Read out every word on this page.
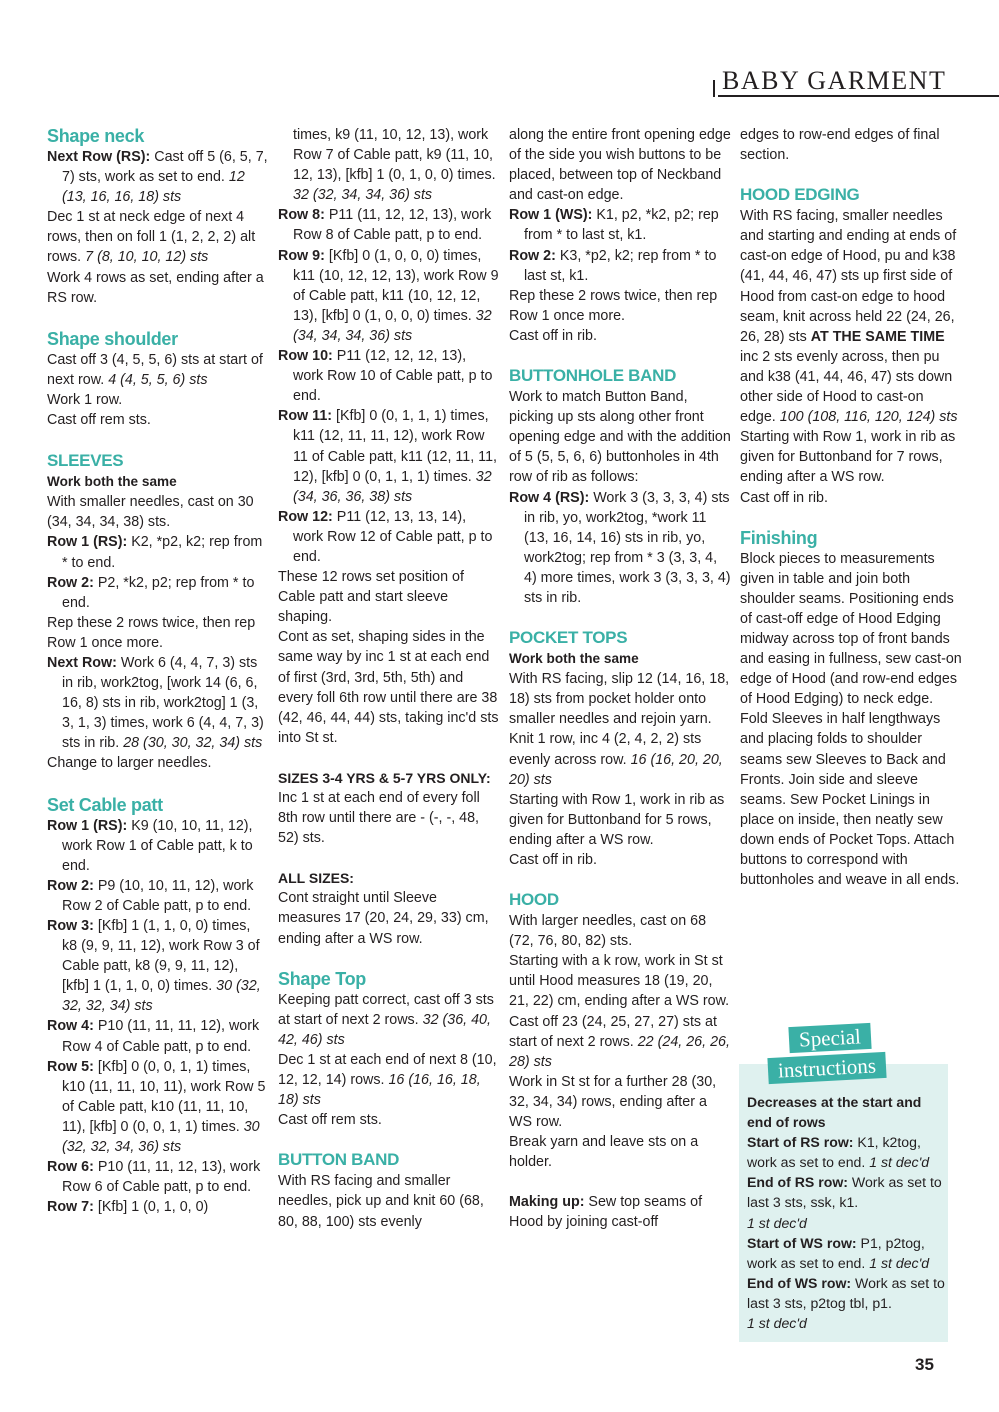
BABY GARMENT

Shape neck

Next Row (RS): Cast off 5 (6, 5, 7, 7) sts, work as set to end. 12 (13, 16, 16, 18) sts

Dec 1 st at neck edge of next 4 rows, then on foll 1 (1, 2, 2, 2) alt rows. 7 (8, 10, 10, 12) sts

Work 4 rows as set, ending after a RS row.

Shape shoulder

Cast off 3 (4, 5, 5, 6) sts at start of next row. 4 (4, 5, 5, 6) sts

Work 1 row.

Cast off rem sts.

SLEEVES

Work both the same

With smaller needles, cast on 30 (34, 34, 34, 38) sts.

Row 1 (RS): K2, *p2, k2; rep from * to end.

Row 2: P2, *k2, p2; rep from * to end.

Rep these 2 rows twice, then rep Row 1 once more.

Next Row: Work 6 (4, 4, 7, 3) sts in rib, work2tog, [work 14 (6, 6, 16, 8) sts in rib, work2tog] 1 (3, 3, 1, 3) times, work 6 (4, 4, 7, 3) sts in rib. 28 (30, 30, 32, 34) sts

Change to larger needles.

Set Cable patt

Row 1 (RS): K9 (10, 10, 11, 12), work Row 1 of Cable patt, k to end.

Row 2: P9 (10, 10, 11, 12), work Row 2 of Cable patt, p to end.

Row 3: [Kfb] 1 (1, 1, 0, 0) times, k8 (9, 9, 11, 12), work Row 3 of Cable patt, k8 (9, 9, 11, 12), [kfb] 1 (1, 1, 0, 0) times. 30 (32, 32, 32, 34) sts

Row 4: P10 (11, 11, 11, 12), work Row 4 of Cable patt, p to end.

Row 5: [Kfb] 0 (0, 0, 1, 1) times, k10 (11, 11, 10, 11), work Row 5 of Cable patt, k10 (11, 11, 10, 11), [kfb] 0 (0, 0, 1, 1) times. 30 (32, 32, 34, 36) sts

Row 6: P10 (11, 11, 12, 13), work Row 6 of Cable patt, p to end.

Row 7: [Kfb] 1 (0, 1, 0, 0)

times, k9 (11, 10, 12, 13), work Row 7 of Cable patt, k9 (11, 10, 12, 13), [kfb] 1 (0, 1, 0, 0) times. 32 (32, 34, 34, 36) sts

Row 8: P11 (11, 12, 12, 13), work Row 8 of Cable patt, p to end.

Row 9: [Kfb] 0 (1, 0, 0, 0) times, k11 (10, 12, 12, 13), work Row 9 of Cable patt, k11 (10, 12, 12, 13), [kfb] 0 (1, 0, 0, 0) times. 32 (34, 34, 34, 36) sts

Row 10: P11 (12, 12, 12, 13), work Row 10 of Cable patt, p to end.

Row 11: [Kfb] 0 (0, 1, 1, 1) times, k11 (12, 11, 11, 12), work Row 11 of Cable patt, k11 (12, 11, 11, 12), [kfb] 0 (0, 1, 1, 1) times. 32 (34, 36, 36, 38) sts

Row 12: P11 (12, 13, 13, 14), work Row 12 of Cable patt, p to end.

These 12 rows set position of Cable patt and start sleeve shaping.

Cont as set, shaping sides in the same way by inc 1 st at each end of first (3rd, 3rd, 5th, 5th) and every foll 6th row until there are 38 (42, 46, 44, 44) sts, taking inc'd sts into St st.

SIZES 3-4 YRS & 5-7 YRS ONLY:

Inc 1 st at each end of every foll 8th row until there are - (-, -, 48, 52) sts.

ALL SIZES:

Cont straight until Sleeve measures 17 (20, 24, 29, 33) cm, ending after a WS row.

Shape Top

Keeping patt correct, cast off 3 sts at start of next 2 rows. 32 (36, 40, 42, 46) sts

Dec 1 st at each end of next 8 (10, 12, 12, 14) rows. 16 (16, 16, 18, 18) sts

Cast off rem sts.

BUTTON BAND

With RS facing and smaller needles, pick up and knit 60 (68, 80, 88, 100) sts evenly

along the entire front opening edge of the side you wish buttons to be placed, between top of Neckband and cast-on edge.

Row 1 (WS): K1, p2, *k2, p2; rep from * to last st, k1.

Row 2: K3, *p2, k2; rep from * to last st, k1.

Rep these 2 rows twice, then rep Row 1 once more.

Cast off in rib.

BUTTONHOLE BAND

Work to match Button Band, picking up sts along other front opening edge and with the addition of 5 (5, 5, 6, 6) buttonholes in 4th row of rib as follows:

Row 4 (RS): Work 3 (3, 3, 3, 4) sts in rib, yo, work2tog, *work 11 (13, 16, 14, 16) sts in rib, yo, work2tog; rep from * 3 (3, 3, 4, 4) more times, work 3 (3, 3, 3, 4) sts in rib.

POCKET TOPS

Work both the same

With RS facing, slip 12 (14, 16, 18, 18) sts from pocket holder onto smaller needles and rejoin yarn.

Knit 1 row, inc 4 (2, 4, 2, 2) sts evenly across row. 16 (16, 20, 20, 20) sts

Starting with Row 1, work in rib as given for Buttonband for 5 rows, ending after a WS row.

Cast off in rib.

HOOD

With larger needles, cast on 68 (72, 76, 80, 82) sts.

Starting with a k row, work in St st until Hood measures 18 (19, 20, 21, 22) cm, ending after a WS row.

Cast off 23 (24, 25, 27, 27) sts at start of next 2 rows. 22 (24, 26, 26, 28) sts

Work in St st for a further 28 (30, 32, 34, 34) rows, ending after a WS row.

Break yarn and leave sts on a holder.

Making up: Sew top seams of Hood by joining cast-off

edges to row-end edges of final section.

HOOD EDGING

With RS facing, smaller needles and starting and ending at ends of cast-on edge of Hood, pu and k38 (41, 44, 46, 47) sts up first side of Hood from cast-on edge to hood seam, knit across held 22 (24, 26, 26, 28) sts AT THE SAME TIME inc 2 sts evenly across, then pu and k38 (41, 44, 46, 47) sts down other side of Hood to cast-on edge. 100 (108, 116, 120, 124) sts

Starting with Row 1, work in rib as given for Buttonband for 7 rows, ending after a WS row.

Cast off in rib.

Finishing

Block pieces to measurements given in table and join both shoulder seams. Positioning ends of cast-off edge of Hood Edging midway across top of front bands and easing in fullness, sew cast-on edge of Hood (and row-end edges of Hood Edging) to neck edge. Fold Sleeves in half lengthways and placing folds to shoulder seams sew Sleeves to Back and Fronts. Join side and sleeve seams. Sew Pocket Linings in place on inside, then neatly sew down ends of Pocket Tops. Attach buttons to correspond with buttonholes and weave in all ends.

Special
instructions

Decreases at the start and end of rows

Start of RS row: K1, k2tog, work as set to end. 1 st dec'd

End of RS row: Work as set to last 3 sts, ssk, k1.
1 st dec'd

Start of WS row: P1, p2tog, work as set to end. 1 st dec'd

End of WS row: Work as set to last 3 sts, p2tog tbl, p1.
1 st dec'd

35
